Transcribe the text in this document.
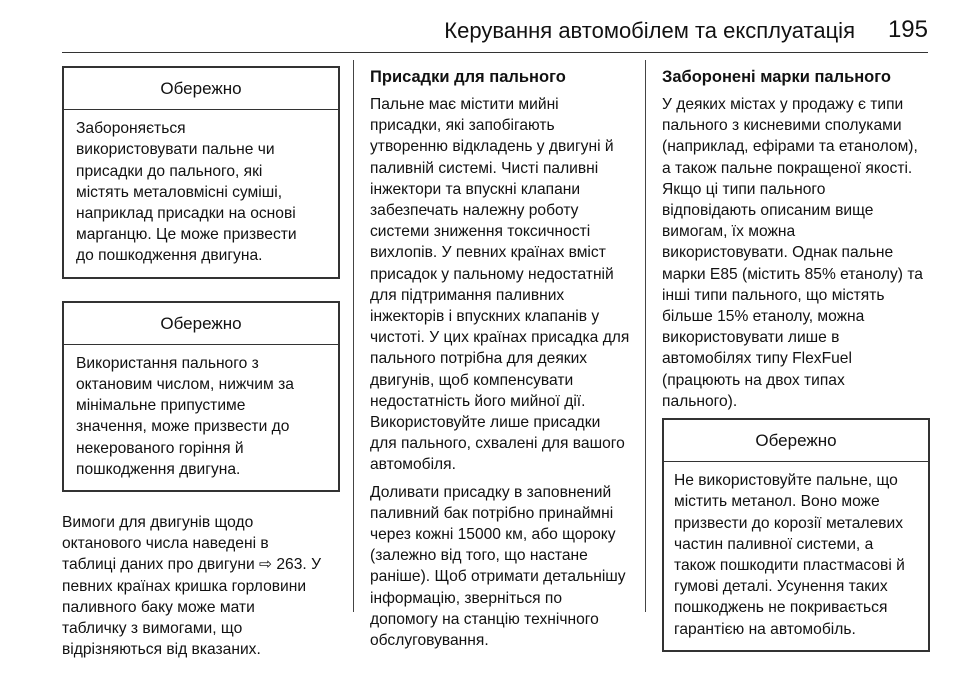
Керування автомобілем та експлуатація 195
Обережно
Забороняється
використовувати пальне чи
присадки до пального, які
містять металовмісні суміші,
наприклад присадки на основі
марганцю. Це може призвести
до пошкодження двигуна.
Обережно
Використання пального з
октановим числом, нижчим за
мінімальне припустиме
значення, може призвести до
некерованого горіння й
пошкодження двигуна.
Вимоги для двигунів щодо
октанового числа наведені в
таблиці даних про двигуни ⇨ 263. У
певних країнах кришка горловини
паливного баку може мати
табличку з вимогами, що
відрізняються від вказаних.
Присадки для пального
Пальне має містити мийні
присадки, які запобігають
утворенню відкладень у двигуні й
паливній системі. Чисті паливні
інжектори та впускні клапани
забезпечать належну роботу
системи зниження токсичності
вихлопів. У певних країнах вміст
присадок у пальному недостатній
для підтримання паливних
інжекторів і впускних клапанів у
чистоті. У цих країнах присадка для
пального потрібна для деяких
двигунів, щоб компенсувати
недостатність його мийної дії.
Використовуйте лише присадки
для пального, схвалені для вашого
автомобіля.
Доливати присадку в заповнений
паливний бак потрібно принаймні
через кожні 15000 км, або щороку
(залежно від того, що настане
раніше). Щоб отримати детальнішу
інформацію, зверніться по
допомогу на станцію технічного
обслуговування.
Заборонені марки пального
У деяких містах у продажу є типи
пального з кисневими сполуками
(наприклад, ефірами та етанолом),
а також пальне покращеної якості.
Якщо ці типи пального
відповідають описаним вище
вимогам, їх можна
використовувати. Однак пальне
марки E85 (містить 85% етанолу) та
інші типи пального, що містять
більше 15% етанолу, можна
використовувати лише в
автомобілях типу FlexFuel
(працюють на двох типах
пального).
Обережно
Не використовуйте пальне, що
містить метанол. Воно може
призвести до корозії металевих
частин паливної системи, а
також пошкодити пластмасові й
гумові деталі. Усунення таких
пошкоджень не покривається
гарантією на автомобіль.
